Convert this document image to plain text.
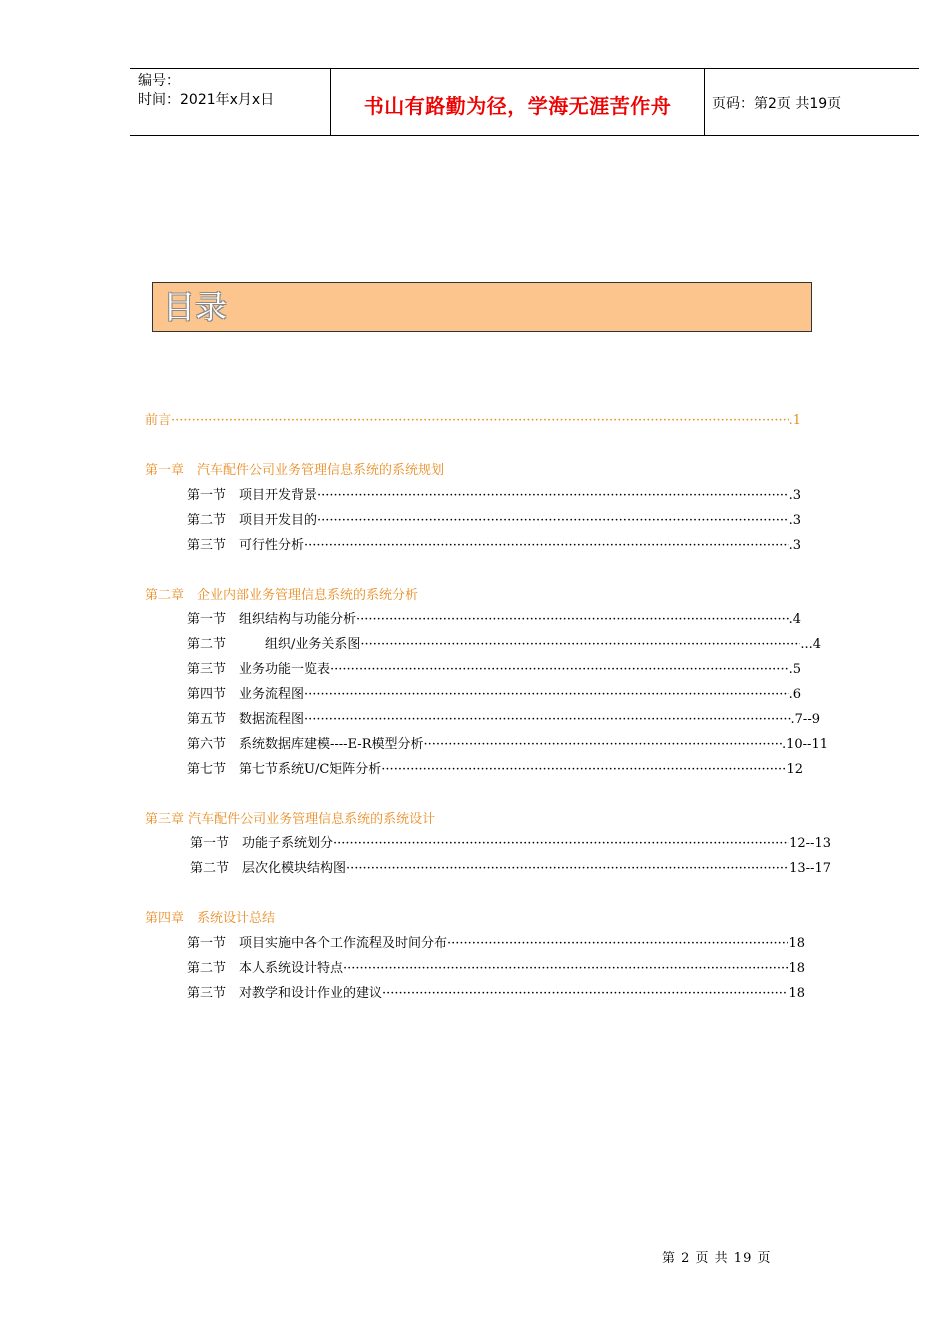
编号：
时间：2021年x月x日	书山有路勤为径，学海无涯苦作舟	页码：第2页 共19页
目录
前言 ·····	.1
第一章　汽车配件公司业务管理信息系统的系统规划
第一节　项目开发背景 ·····	.3
第二节　项目开发目的 ·····	.3
第三节　可行性分析 ·····	.3
第二章　企业内部业务管理信息系统的系统分析
第一节　组织结构与功能分析 ·····	.4
第二节　　　组织/业务关系图 ·····	...4
第三节　业务功能一览表 ·····	.5
第四节　业务流程图 ·····	.6
第五节　数据流程图 ·····	.7--9
第六节　系统数据库建模----E-R模型分析 ·····	.10--11
第七节　第七节系统U/C矩阵分析 ·····	12
第三章 汽车配件公司业务管理信息系统的系统设计
第一节　功能子系统划分 ·····	12--13
第二节　层次化模块结构图 ·····	13--17
第四章　系统设计总结
第一节　项目实施中各个工作流程及时间分布 ·····	18
第二节　本人系统设计特点 ·····	18
第三节　对教学和设计作业的建议 ·····	18
第 2 页 共 19 页
